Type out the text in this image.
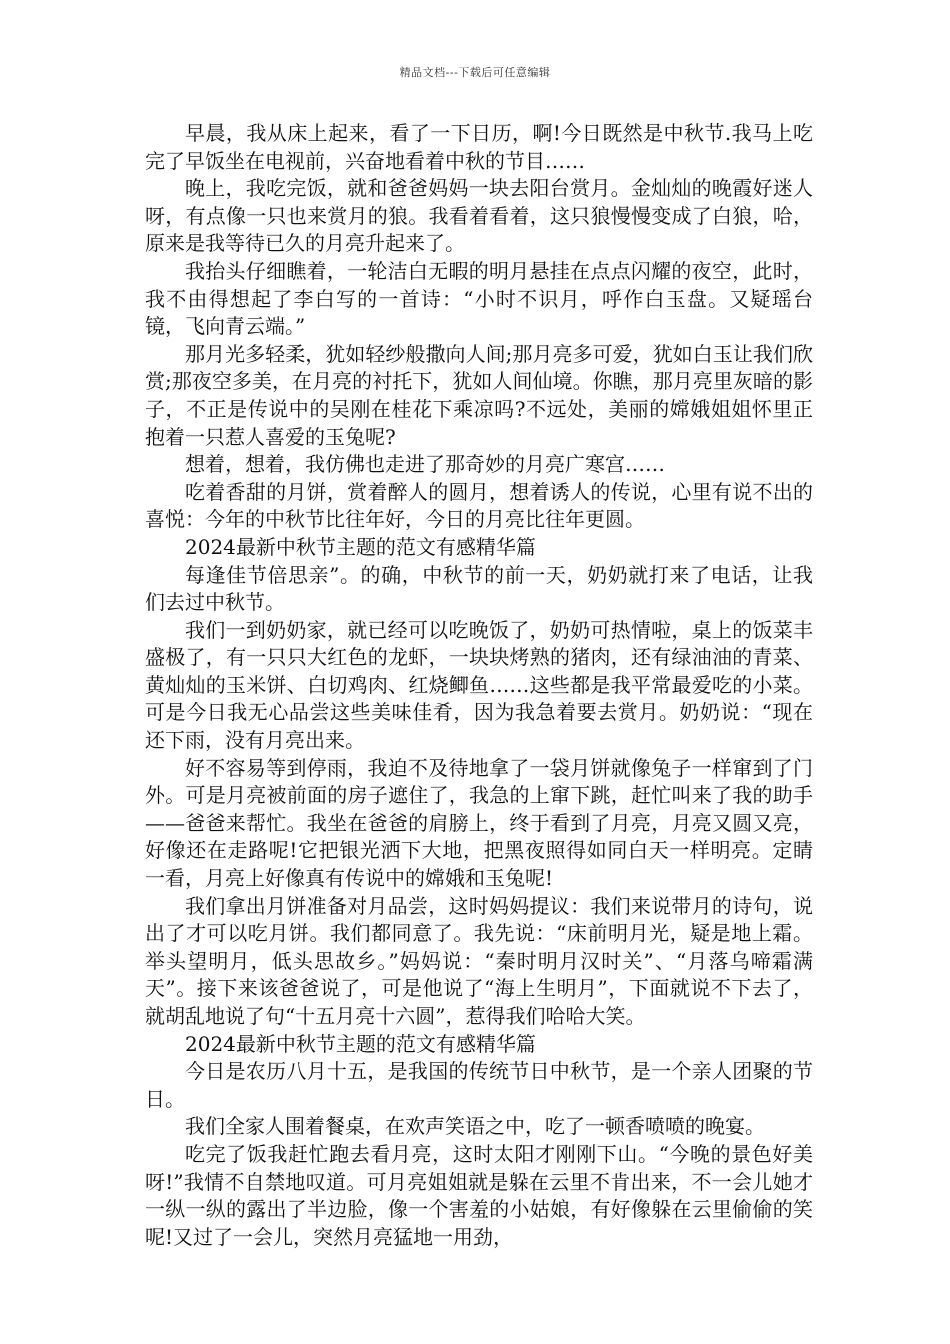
精品文档---下载后可任意编辑

早晨，我从床上起来，看了一下日历，啊!今日既然是中秋节.我马上吃完了早饭坐在电视前，兴奋地看着中秋的节目……

晚上，我吃完饭，就和爸爸妈妈一块去阳台赏月。金灿灿的晚霞好迷人呀，有点像一只也来赏月的狼。我看着看着，这只狼慢慢变成了白狼，哈，原来是我等待已久的月亮升起来了。

我抬头仔细瞧着，一轮洁白无暇的明月悬挂在点点闪耀的夜空，此时，我不由得想起了李白写的一首诗：“小时不识月，呼作白玉盘。又疑瑶台镜，飞向青云端。”

那月光多轻柔，犹如轻纱般撒向人间;那月亮多可爱，犹如白玉让我们欣赏;那夜空多美，在月亮的衬托下，犹如人间仙境。你瞧，那月亮里灰暗的影子，不正是传说中的吴刚在桂花下乘凉吗?不远处，美丽的嫦娥姐姐怀里正抱着一只惹人喜爱的玉兔呢?

想着，想着，我仿佛也走进了那奇妙的月亮广寒宫……

吃着香甜的月饼，赏着醉人的圆月，想着诱人的传说，心里有说不出的喜悦：今年的中秋节比往年好，今日的月亮比往年更圆。

2024最新中秋节主题的范文有感精华篇

每逢佳节倍思亲”。的确，中秋节的前一天，奶奶就打来了电话，让我们去过中秋节。

我们一到奶奶家，就已经可以吃晚饭了，奶奶可热情啦，桌上的饭菜丰盛极了，有一只只大红色的龙虾，一块块烤熟的猪肉，还有绿油油的青菜、黄灿灿的玉米饼、白切鸡肉、红烧鲫鱼……这些都是我平常最爱吃的小菜。可是今日我无心品尝这些美味佳肴，因为我急着要去赏月。奶奶说：“现在还下雨，没有月亮出来。

好不容易等到停雨，我迫不及待地拿了一袋月饼就像兔子一样窜到了门外。可是月亮被前面的房子遮住了，我急的上窜下跳，赶忙叫来了我的助手——爸爸来帮忙。我坐在爸爸的肩膀上，终于看到了月亮，月亮又圆又亮，好像还在走路呢!它把银光洒下大地，把黑夜照得如同白天一样明亮。定睛一看，月亮上好像真有传说中的嫦娥和玉兔呢!

我们拿出月饼准备对月品尝，这时妈妈提议：我们来说带月的诗句，说出了才可以吃月饼。我们都同意了。我先说：“床前明月光，疑是地上霜。举头望明月，低头思故乡。”妈妈说：“秦时明月汉时关”、“月落乌啼霜满天”。接下来该爸爸说了，可是他说了“海上生明月”，下面就说不下去了，就胡乱地说了句“十五月亮十六圆”，惹得我们哈哈大笑。

2024最新中秋节主题的范文有感精华篇

今日是农历八月十五，是我国的传统节日中秋节，是一个亲人团聚的节日。

我们全家人围着餐桌，在欢声笑语之中，吃了一顿香喷喷的晚宴。

吃完了饭我赶忙跑去看月亮，这时太阳才刚刚下山。“今晚的景色好美呀!”我情不自禁地叹道。可月亮姐姐就是躲在云里不肯出来，不一会儿她才一纵一纵的露出了半边脸，像一个害羞的小姑娘，有好像躲在云里偷偷的笑呢!又过了一会儿，突然月亮猛地一用劲，
